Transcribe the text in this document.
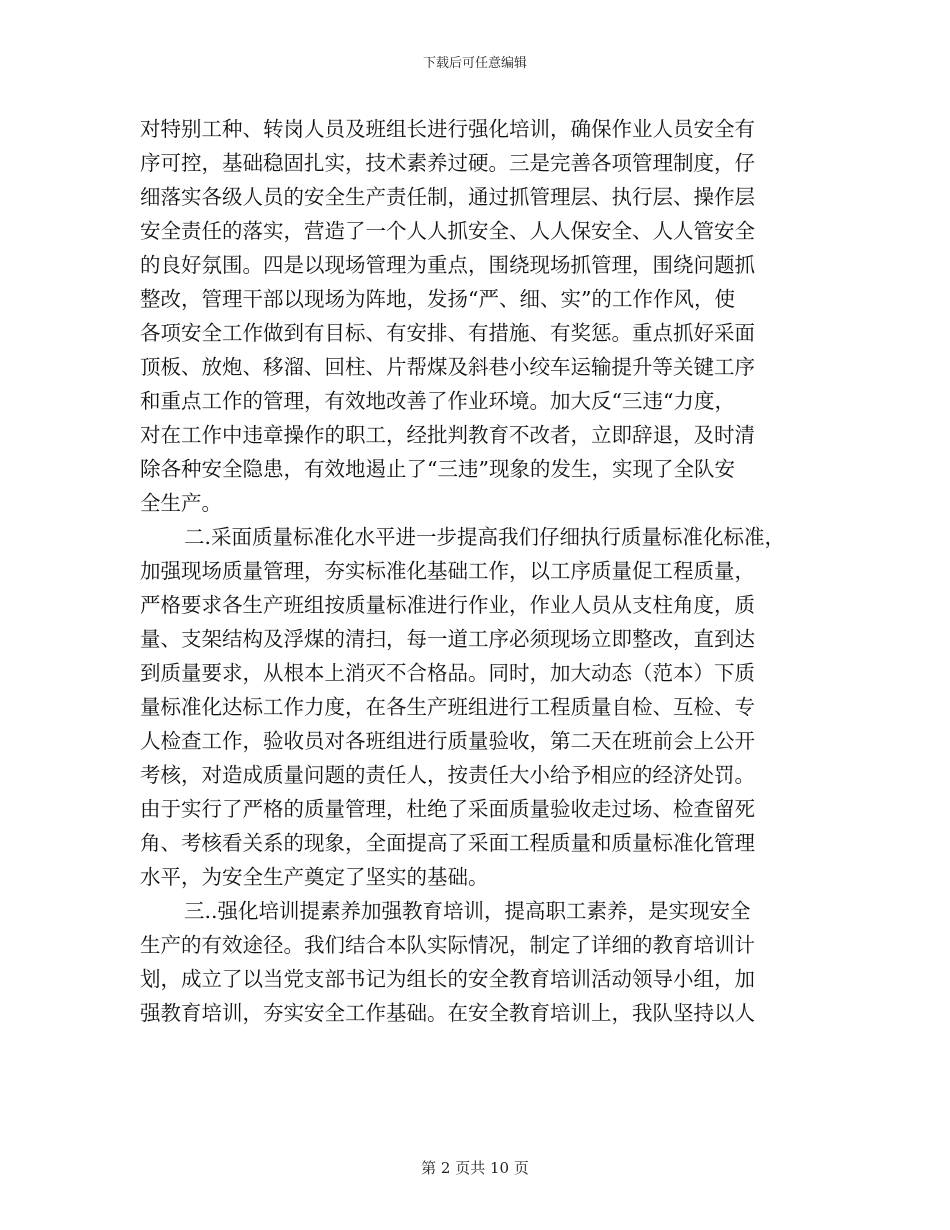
下载后可任意编辑
对特别工种、转岗人员及班组长进行强化培训，确保作业人员安全有
序可控，基础稳固扎实，技术素养过硬。三是完善各项管理制度，仔
细落实各级人员的安全生产责任制，通过抓管理层、执行层、操作层
安全责任的落实，营造了一个人人抓安全、人人保安全、人人管安全
的良好氛围。四是以现场管理为重点，围绕现场抓管理，围绕问题抓
整改，管理干部以现场为阵地，发扬“严、细、实”的工作作风，使
各项安全工作做到有目标、有安排、有措施、有奖惩。重点抓好采面
顶板、放炮、移溜、回柱、片帮煤及斜巷小绞车运输提升等关键工序
和重点工作的管理，有效地改善了作业环境。加大反“三违“力度，
对在工作中违章操作的职工，经批判教育不改者，立即辞退，及时清
除各种安全隐患，有效地遏止了“三违”现象的发生，实现了全队安
全生产。
二.采面质量标准化水平进一步提高我们仔细执行质量标准化标准，
加强现场质量管理，夯实标准化基础工作，以工序质量促工程质量，
严格要求各生产班组按质量标准进行作业，作业人员从支柱角度，质
量、支架结构及浮煤的清扫，每一道工序必须现场立即整改，直到达
到质量要求，从根本上消灭不合格品。同时，加大动态（范本）下质
量标准化达标工作力度，在各生产班组进行工程质量自检、互检、专
人检查工作，验收员对各班组进行质量验收，第二天在班前会上公开
考核，对造成质量问题的责任人，按责任大小给予相应的经济处罚。
由于实行了严格的质量管理，杜绝了采面质量验收走过场、检查留死
角、考核看关系的现象，全面提高了采面工程质量和质量标准化管理
水平，为安全生产奠定了坚实的基础。
三..强化培训提素养加强教育培训，提高职工素养，是实现安全
生产的有效途径。我们结合本队实际情况，制定了详细的教育培训计
划，成立了以当党支部书记为组长的安全教育培训活动领导小组，加
强教育培训，夯实安全工作基础。在安全教育培训上，我队坚持以人
第 2 页共 10 页
